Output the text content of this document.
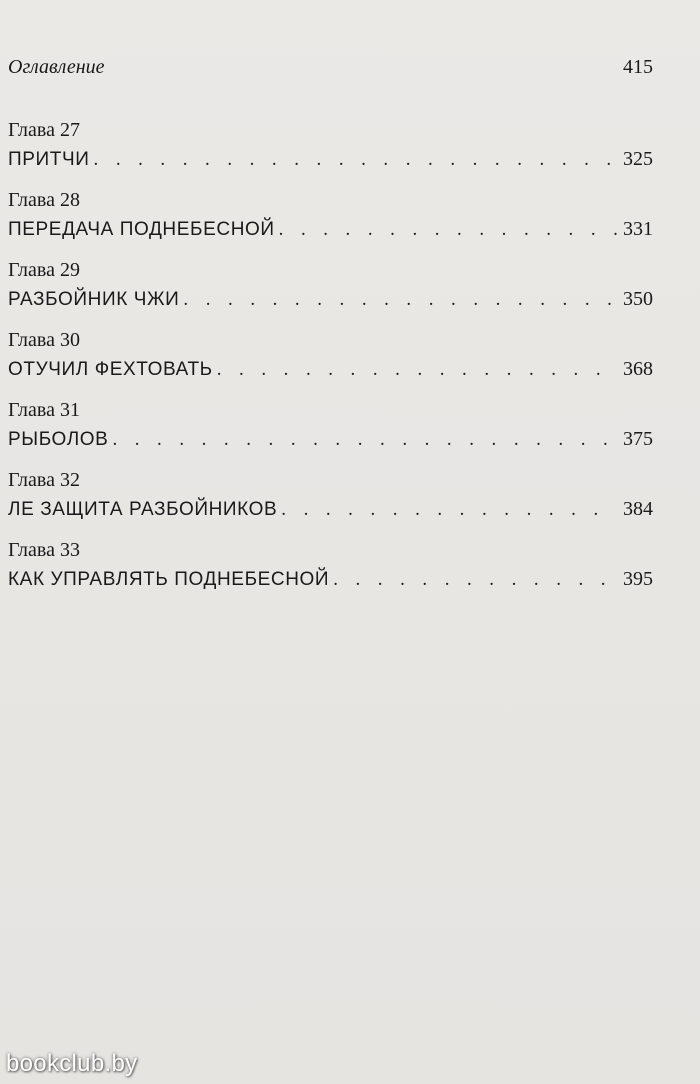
Оглавление	415
Глава 27
ПРИТЧИ . . .	325
Глава 28
ПЕРЕДАЧА ПОДНЕБЕСНОЙ . . .	331
Глава 29
РАЗБОЙНИК ЧЖИ . . .	350
Глава 30
ОТУЧИЛ ФЕХТОВАТЬ . . .	368
Глава 31
РЫБОЛОВ . . .	375
Глава 32
ЛЕ ЗАЩИТА РАЗБОЙНИКОВ . . .	384
Глава 33
КАК УПРАВЛЯТЬ ПОДНЕБЕСНОЙ . . .	395
bookclub.by
